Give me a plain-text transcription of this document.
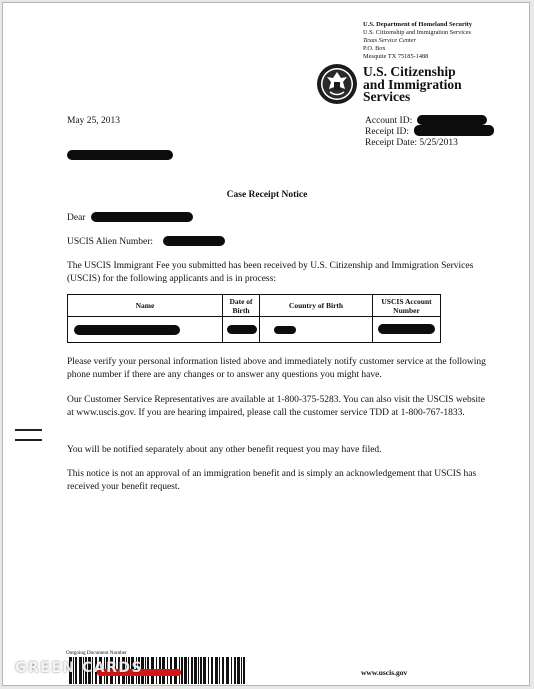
U.S. Department of Homeland Security
U.S. Citizenship and Immigration Services
Texas Service Center
P.O. Box
Mesquite TX 75185-1488
U.S. Citizenship
and Immigration
Services
May 25, 2013	Account ID:
Receipt ID:
Receipt Date: 5/25/2013
Case Receipt Notice
Dear
USCIS Alien Number:
The USCIS Immigrant Fee you submitted has been received by U.S. Citizenship and Immigration Services (USCIS) for the following applicants and is in process:
Name	Date of Birth	Country of Birth	USCIS Account Number

Please verify your personal information listed above and immediately notify customer service at the following phone number if there are any changes or to answer any questions you might have.
Our Customer Service Representatives are available at 1-800-375-5283. You can also visit the USCIS website at www.uscis.gov. If you are hearing impaired, please call the customer service TDD at 1-800-767-1833.
You will be notified separately about any other benefit request you may have filed.
This notice is not an approval of an immigration benefit and is simply an acknowledgement that USCIS has received your benefit request.
Outgoing Document Number
GREEN CARDS	www.uscis.gov
